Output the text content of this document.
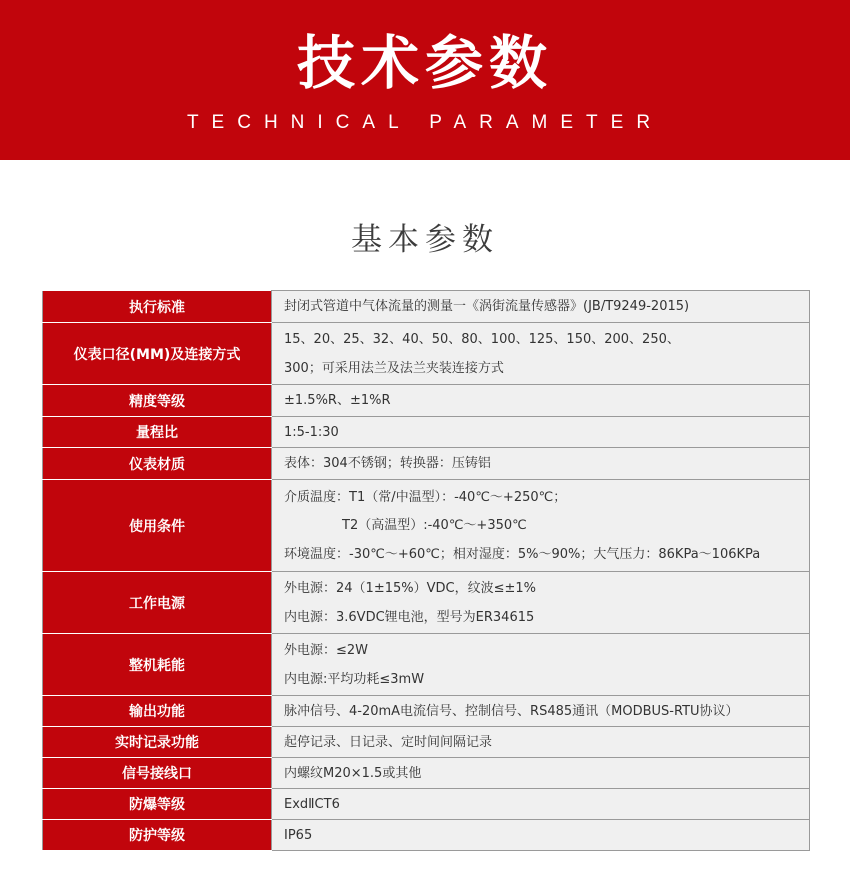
技术参数
TECHNICAL PARAMETER
基本参数
执行标准	封闭式管道中气体流量的测量一《涡街流量传感器》(JB/T9249-2015)

仪表口径(MM)及连接方式	15、20、25、32、40、50、80、100、125、150、200、250、
300；可采用法兰及法兰夹装连接方式

精度等级	±1.5%R、±1%R

量程比	1:5-1:30

仪表材质	表体：304不锈钢；转换器：压铸铝

使用条件	介质温度：T1（常/中温型）：-40℃～+250℃；
T2（高温型）:-40℃～+350℃
环境温度：-30℃～+60℃；相对湿度：5%～90%；大气压力：86KPa～106KPa

工作电源	外电源：24（1±15%）VDC，纹波≤±1%
内电源：3.6VDC锂电池，型号为ER34615

整机耗能	外电源：≤2W
内电源:平均功耗≤3mW

输出功能	脉冲信号、4-20mA电流信号、控制信号、RS485通讯（MODBUS-RTU协议）

实时记录功能	起停记录、日记录、定时间间隔记录

信号接线口	内螺纹M20×1.5或其他

防爆等级	ExdⅡCT6

防护等级	IP65
